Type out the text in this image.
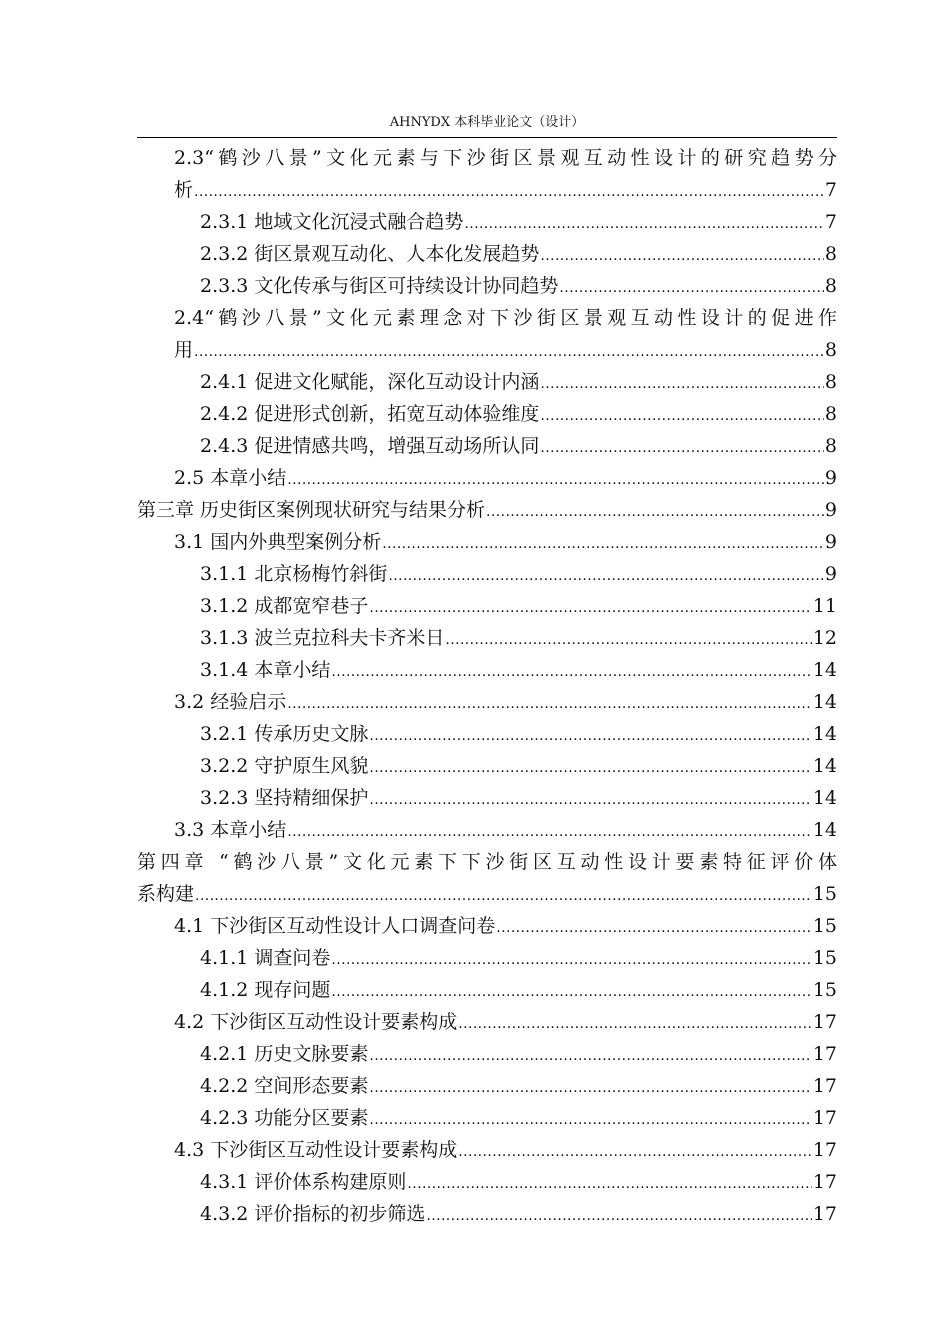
AHNYDX 本科毕业论文（设计）
2.3“鹤沙八景”文化元素与下沙街区景观互动性设计的研究趋势分
析 .....	7
2.3.1 地域文化沉浸式融合趋势 .....	7
2.3.2 街区景观互动化、人本化发展趋势 .....	8
2.3.3 文化传承与街区可持续设计协同趋势 .....	8
2.4“鹤沙八景”文化元素理念对下沙街区景观互动性设计的促进作
用 .....	8
2.4.1 促进文化赋能，深化互动设计内涵 .....	8
2.4.2 促进形式创新，拓宽互动体验维度 .....	8
2.4.3 促进情感共鸣，增强互动场所认同 .....	8
2.5 本章小结 .....	9
第三章 历史街区案例现状研究与结果分析 .....	9
3.1 国内外典型案例分析 .....	9
3.1.1 北京杨梅竹斜街 .....	9
3.1.2 成都宽窄巷子 .....	11
3.1.3 波兰克拉科夫卡齐米日 .....	12
3.1.4 本章小结 .....	14
3.2 经验启示 .....	14
3.2.1 传承历史文脉 .....	14
3.2.2 守护原生风貌 .....	14
3.2.3 坚持精细保护 .....	14
3.3 本章小结 .....	14
第四章 “鹤沙八景”文化元素下下沙街区互动性设计要素特征评价体
系构建 .....	15
4.1 下沙街区互动性设计人口调查问卷 .....	15
4.1.1 调查问卷 .....	15
4.1.2 现存问题 .....	15
4.2 下沙街区互动性设计要素构成 .....	17
4.2.1 历史文脉要素 .....	17
4.2.2 空间形态要素 .....	17
4.2.3 功能分区要素 .....	17
4.3 下沙街区互动性设计要素构成 .....	17
4.3.1 评价体系构建原则 .....	17
4.3.2 评价指标的初步筛选 .....	17
